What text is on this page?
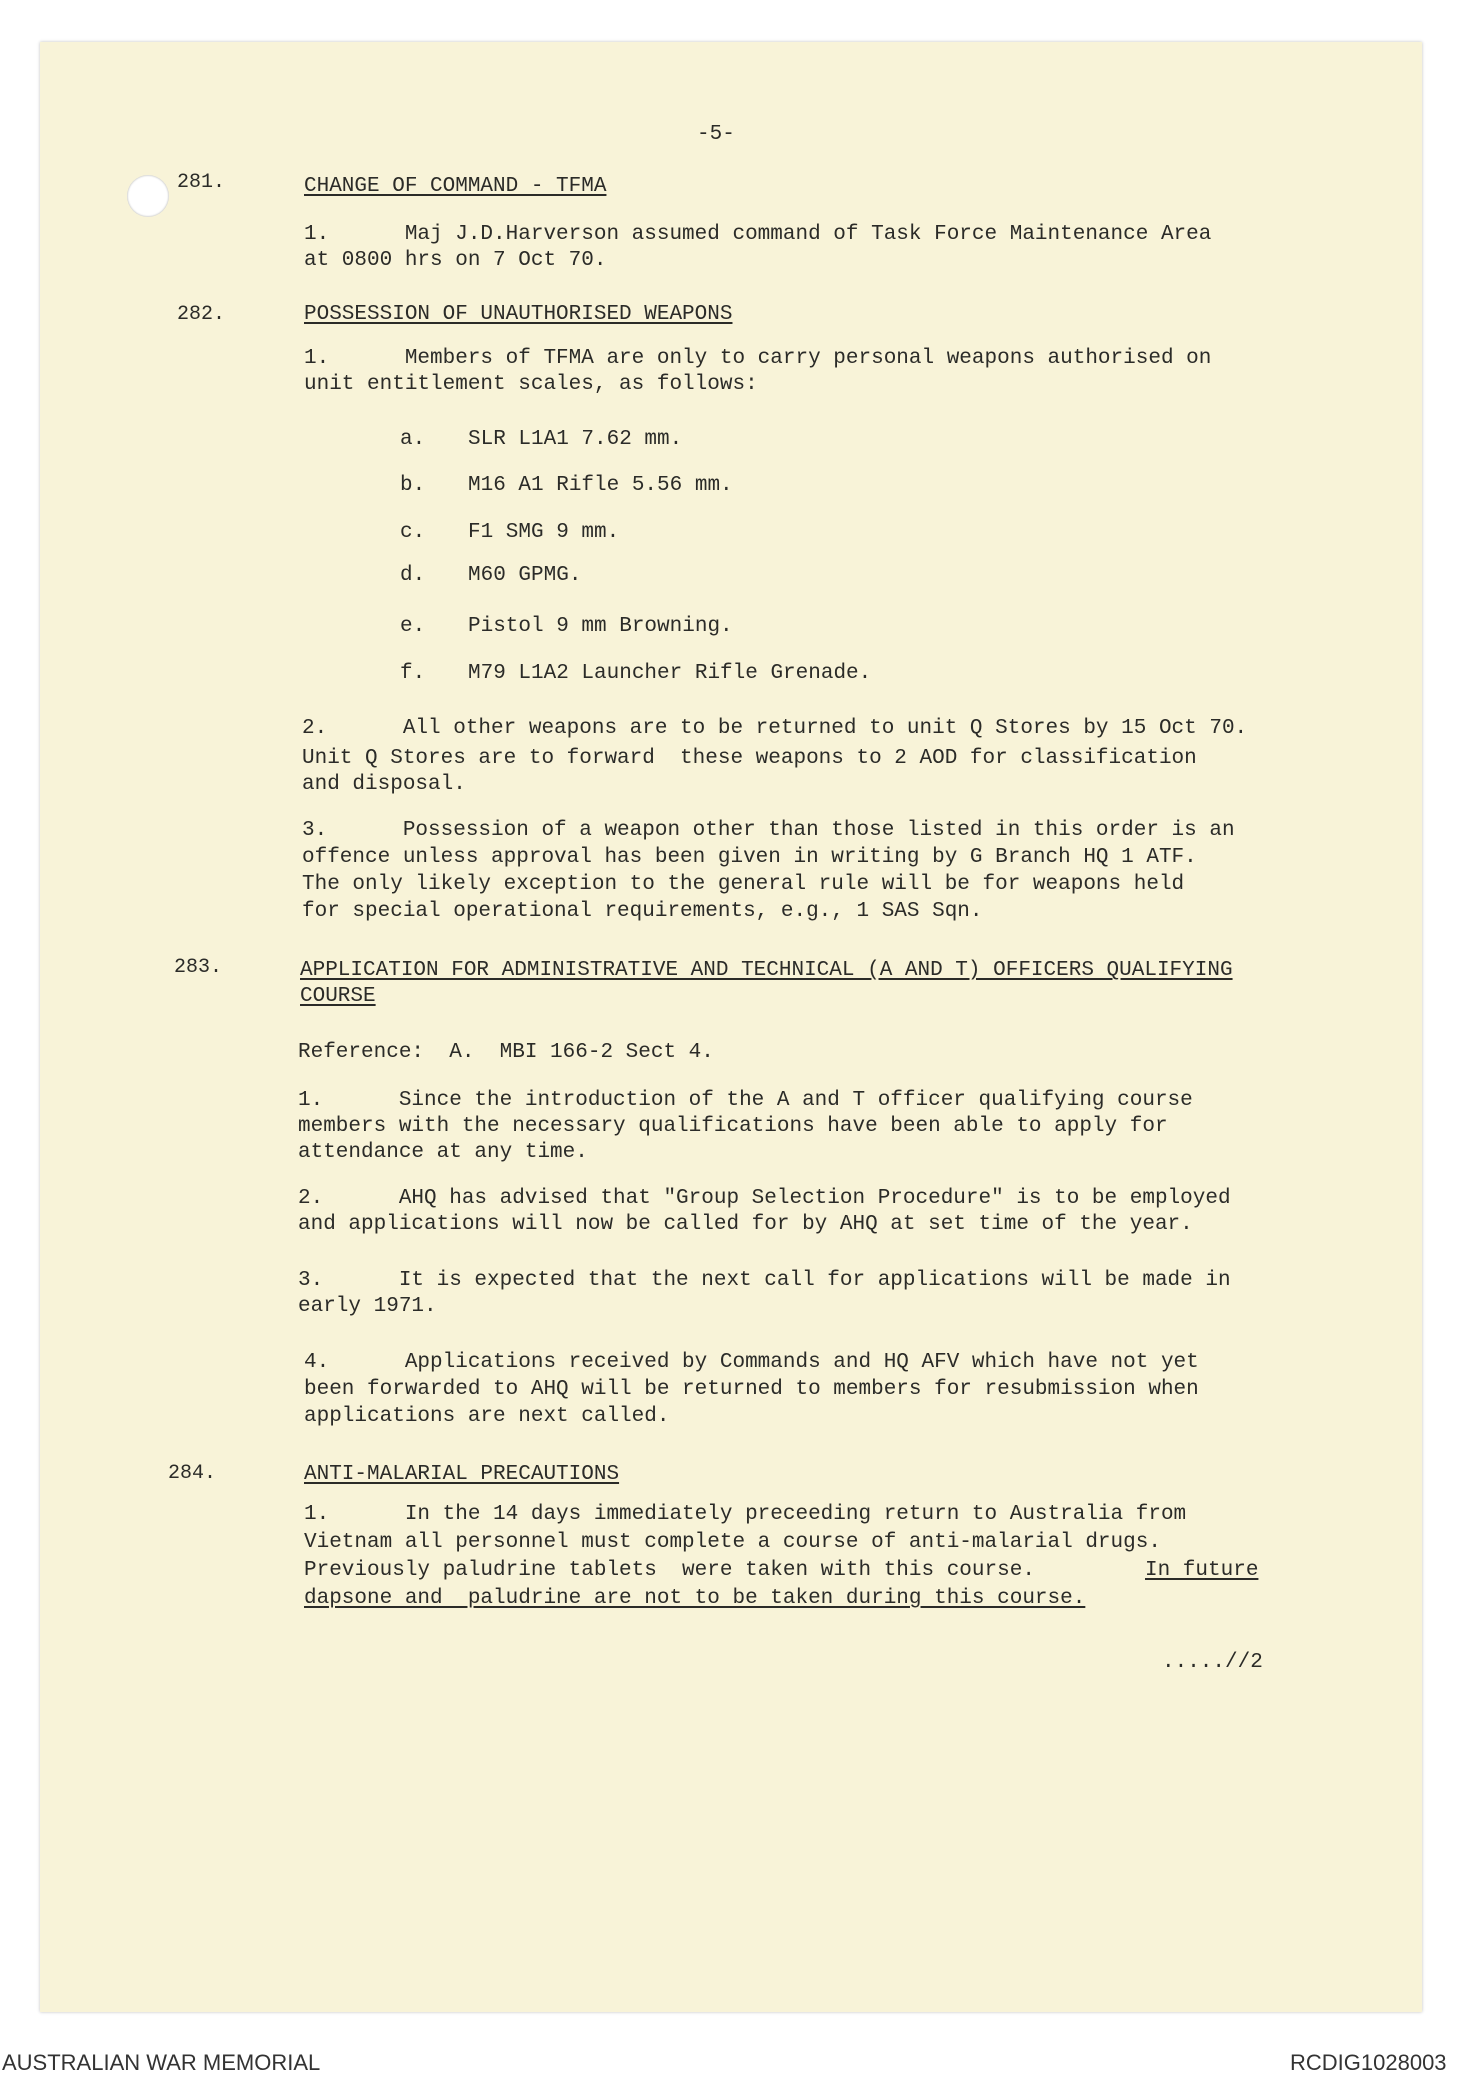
-5-
281.	CHANGE OF COMMAND - TFMA
1.      Maj J.D.Harverson assumed command of Task Force Maintenance Area
at 0800 hrs on 7 Oct 70.
282.	POSSESSION OF UNAUTHORISED WEAPONS
1.      Members of TFMA are only to carry personal weapons authorised on
unit entitlement scales, as follows:
a. SLR L1A1 7.62 mm.
b. M16 A1 Rifle 5.56 mm.
c. F1 SMG 9 mm.
d. M60 GPMG.
e. Pistol 9 mm Browning.
f. M79 L1A2 Launcher Rifle Grenade.
2.      All other weapons are to be returned to unit Q Stores by 15 Oct 70.
Unit Q Stores are to forward  these weapons to 2 AOD for classification
and disposal.
3.      Possession of a weapon other than those listed in this order is an
offence unless approval has been given in writing by G Branch HQ 1 ATF.
The only likely exception to the general rule will be for weapons held
for special operational requirements, e.g., 1 SAS Sqn.
283.	APPLICATION FOR ADMINISTRATIVE AND TECHNICAL (A AND T) OFFICERS QUALIFYING
COURSE
Reference:  A.  MBI 166-2 Sect 4.
1.      Since the introduction of the A and T officer qualifying course
members with the necessary qualifications have been able to apply for
attendance at any time.
2.      AHQ has advised that "Group Selection Procedure" is to be employed
and applications will now be called for by AHQ at set time of the year.
3.      It is expected that the next call for applications will be made in
early 1971.
4.      Applications received by Commands and HQ AFV which have not yet
been forwarded to AHQ will be returned to members for resubmission when
applications are next called.
284.	ANTI-MALARIAL PRECAUTIONS
1.      In the 14 days immediately preceeding return to Australia from
Vietnam all personnel must complete a course of anti-malarial drugs.
Previously paludrine tablets  were taken with this course.	In future
dapsone and  paludrine are not to be taken during this course.
.....//2
AUSTRALIAN WAR MEMORIAL	RCDIG1028003
